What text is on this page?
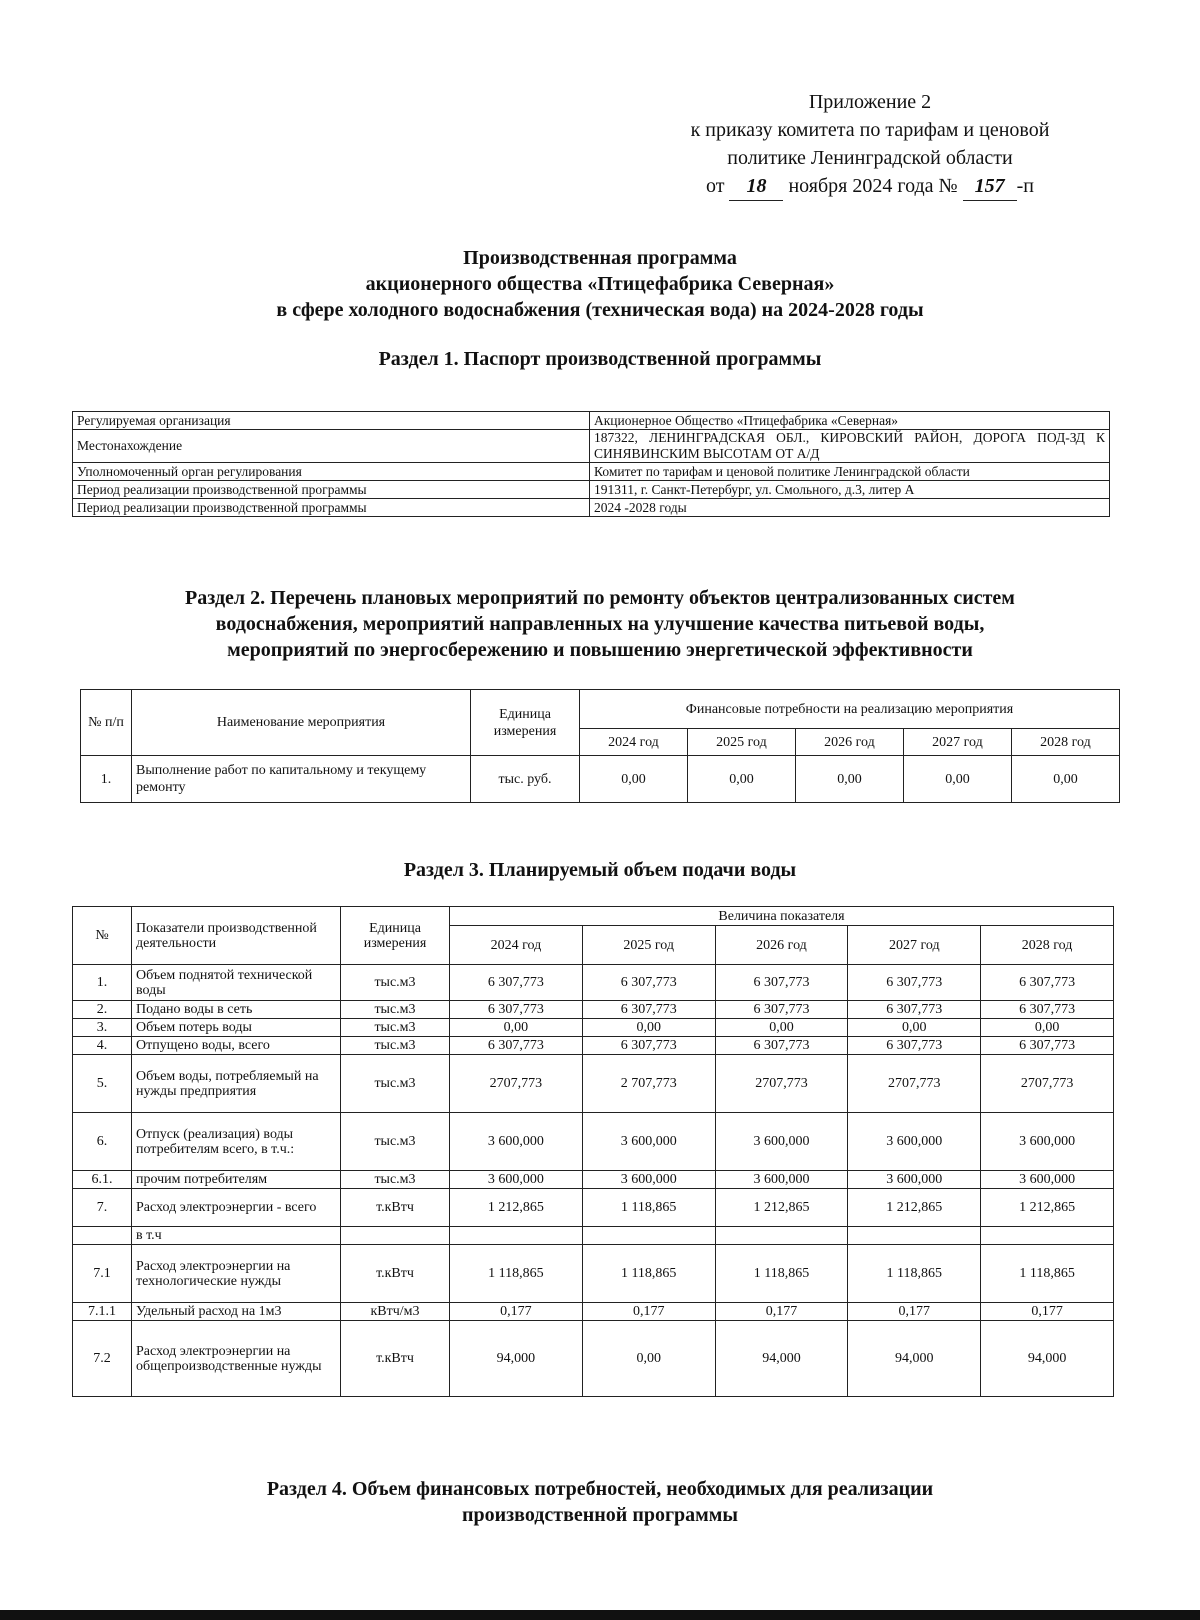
Приложение 2
к приказу комитета по тарифам и ценовой
политике Ленинградской области
от 18 ноября 2024 года № 157 -п
Производственная программа
акционерного общества «Птицефабрика Северная»
в сфере холодного водоснабжения (техническая вода) на 2024-2028 годы
Раздел 1. Паспорт производственной программы
Регулируемая организация	Акционерное Общество «Птицефабрика «Северная»
Местонахождение	187322, ЛЕНИНГРАДСКАЯ ОБЛ., КИРОВСКИЙ РАЙОН, ДОРОГА ПОД-ЗД К СИНЯВИНСКИМ ВЫСОТАМ ОТ А/Д
Уполномоченный орган регулирования	Комитет по тарифам и ценовой политике Ленинградской области
Период реализации производственной программы	191311, г. Санкт-Петербург, ул. Смольного, д.3, литер А
Период реализации производственной программы	2024 -2028 годы
Раздел 2. Перечень плановых мероприятий по ремонту объектов централизованных систем
водоснабжения, мероприятий направленных на улучшение качества питьевой воды,
мероприятий по энергосбережению и повышению энергетической эффективности
№ п/п	Наименование мероприятия	Единица измерения	Финансовые потребности на реализацию мероприятия				
			2024 год	2025 год	2026 год	2027 год	2028 год
1.	Выполнение работ по капитальному и текущему ремонту	тыс. руб.	0,00	0,00	0,00	0,00	0,00
Раздел 3. Планируемый объем подачи воды
№	Показатели производственной деятельности	Единица измерения	Величина показателя				
			2024 год	2025 год	2026 год	2027 год	2028 год
1.	Объем поднятой технической воды	тыс.м3	6 307,773	6 307,773	6 307,773	6 307,773	6 307,773
2.	Подано воды в сеть	тыс.м3	6 307,773	6 307,773	6 307,773	6 307,773	6 307,773
3.	Объем потерь воды	тыс.м3	0,00	0,00	0,00	0,00	0,00
4.	Отпущено воды, всего	тыс.м3	6 307,773	6 307,773	6 307,773	6 307,773	6 307,773
5.	Объем воды, потребляемый на нужды предприятия	тыс.м3	2707,773	2 707,773	2707,773	2707,773	2707,773
6.	Отпуск (реализация) воды потребителям всего, в т.ч.:	тыс.м3	3 600,000	3 600,000	3 600,000	3 600,000	3 600,000
6.1.	прочим потребителям	тыс.м3	3 600,000	3 600,000	3 600,000	3 600,000	3 600,000
7.	Расход электроэнергии - всего	т.кВтч	1 212,865	1 118,865	1 212,865	1 212,865	1 212,865
	в т.ч						
7.1	Расход электроэнергии на технологические нужды	т.кВтч	1 118,865	1 118,865	1 118,865	1 118,865	1 118,865
7.1.1	Удельный расход на 1м3	кВтч/м3	0,177	0,177	0,177	0,177	0,177
7.2	Расход электроэнергии на общепроизводственные нужды	т.кВтч	94,000	0,00	94,000	94,000	94,000
Раздел 4. Объем финансовых потребностей, необходимых для реализации
производственной программы
